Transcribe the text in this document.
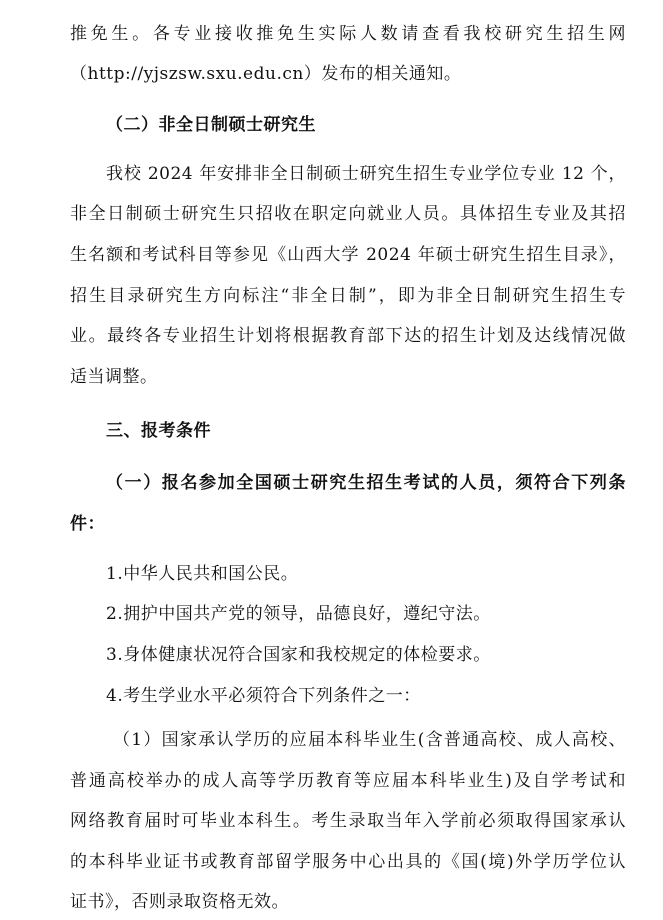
推免生。各专业接收推免生实际人数请查看我校研究生招生网
（http://yjszsw.sxu.edu.cn）发布的相关通知。
（二）非全日制硕士研究生
我校 2024 年安排非全日制硕士研究生招生专业学位专业 12 个，
非全日制硕士研究生只招收在职定向就业人员。具体招生专业及其招
生名额和考试科目等参见《山西大学 2024 年硕士研究生招生目录》，
招生目录研究生方向标注“非全日制”，即为非全日制研究生招生专
业。最终各专业招生计划将根据教育部下达的招生计划及达线情况做
适当调整。
三、报考条件
（一）报名参加全国硕士研究生招生考试的人员，须符合下列条
件：
1.中华人民共和国公民。
2.拥护中国共产党的领导，品德良好，遵纪守法。
3.身体健康状况符合国家和我校规定的体检要求。
4.考生学业水平必须符合下列条件之一：
（1）国家承认学历的应届本科毕业生(含普通高校、成人高校、
普通高校举办的成人高等学历教育等应届本科毕业生)及自学考试和
网络教育届时可毕业本科生。考生录取当年入学前必须取得国家承认
的本科毕业证书或教育部留学服务中心出具的《国(境)外学历学位认
证书》，否则录取资格无效。
